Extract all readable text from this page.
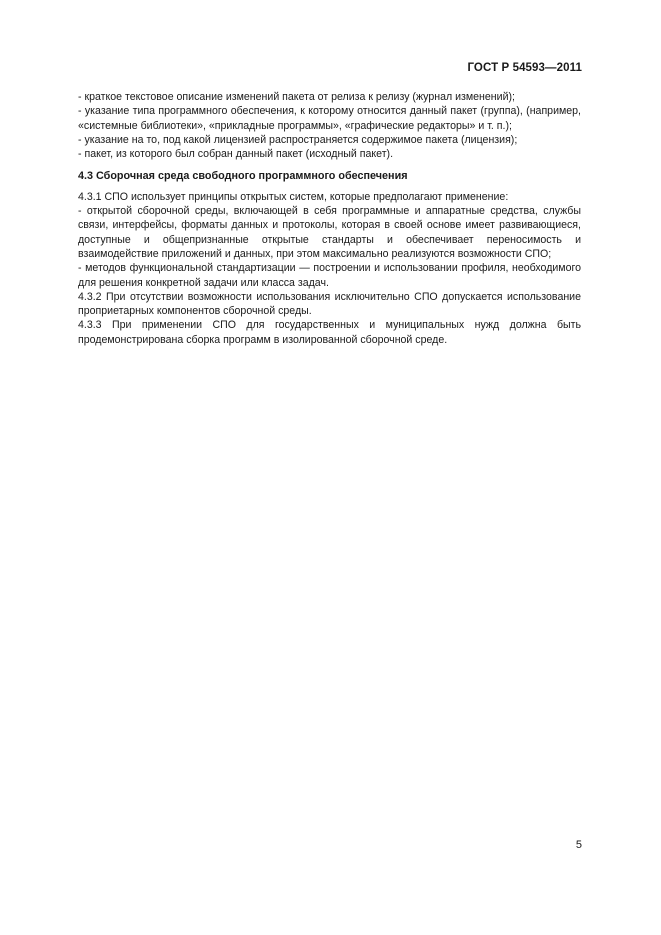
ГОСТ Р 54593—2011

- краткое текстовое описание изменений пакета от релиза к релизу (журнал изменений);

- указание типа программного обеспечения, к которому относится данный пакет (группа), (например, «системные библиотеки», «прикладные программы», «графические редакторы» и т. п.);

- указание на то, под какой лицензией распространяется содержимое пакета (лицензия);

- пакет, из которого был собран данный пакет (исходный пакет).

4.3 Сборочная среда свободного программного обеспечения

4.3.1 СПО использует принципы открытых систем, которые предполагают применение:

- открытой сборочной среды, включающей в себя программные и аппаратные средства, службы связи, интерфейсы, форматы данных и протоколы, которая в своей основе имеет развивающиеся, доступные и общепризнанные открытые стандарты и обеспечивает переносимость и взаимодействие приложений и данных, при этом максимально реализуются возможности СПО;

- методов функциональной стандартизации — построении и использовании профиля, необходимого для решения конкретной задачи или класса задач.

4.3.2 При отсутствии возможности использования исключительно СПО допускается использование проприетарных компонентов сборочной среды.

4.3.3 При применении СПО для государственных и муниципальных нужд должна быть продемонстрирована сборка программ в изолированной сборочной среде.

5
